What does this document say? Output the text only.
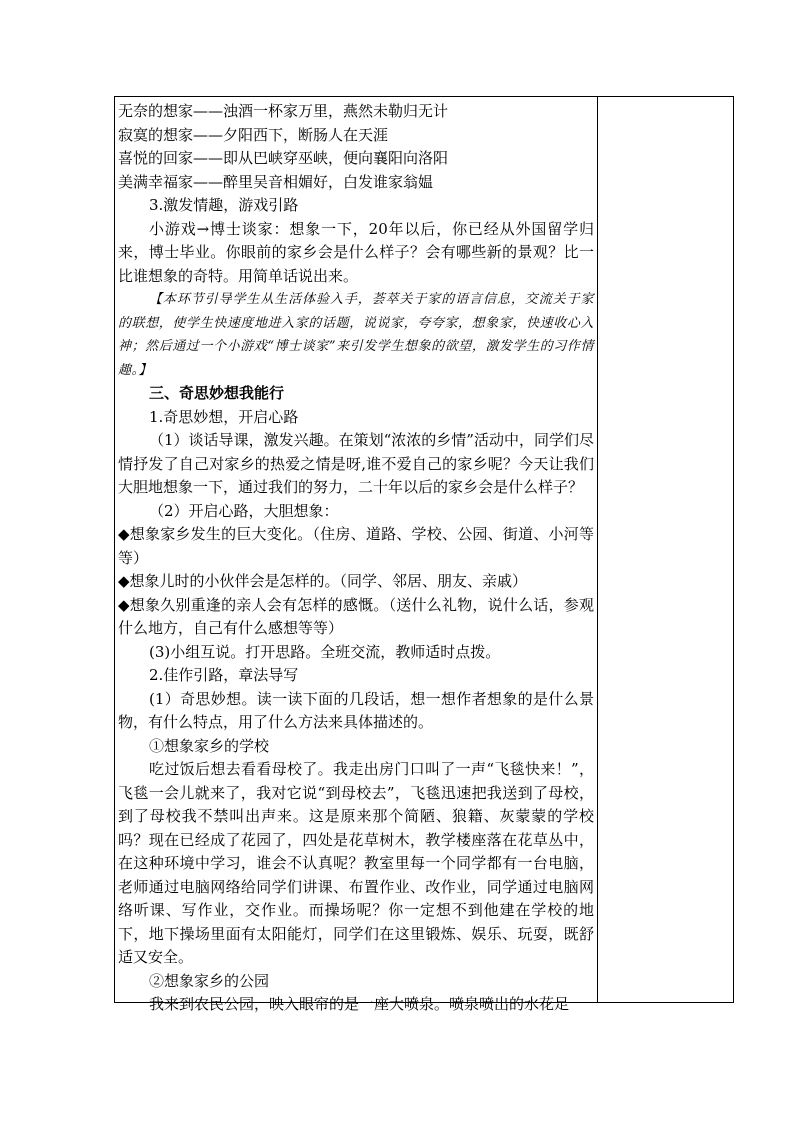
无奈的想家——浊酒一杯家万里，燕然未勒归无计
寂寞的想家——夕阳西下，断肠人在天涯
喜悦的回家——即从巴峡穿巫峡，便向襄阳向洛阳
美满幸福家——醉里吴音相媚好，白发谁家翁媪
3.激发情趣，游戏引路
小游戏→博士谈家：想象一下，20年以后，你已经从外国留学归来，博士毕业。你眼前的家乡会是什么样子？会有哪些新的景观？比一比谁想象的奇特。用简单话说出来。
【本环节引导学生从生活体验入手，荟萃关于家的语言信息，交流关于家的联想，使学生快速度地进入家的话题，说说家，夸夸家，想象家，快速收心入神；然后通过一个小游戏“博士谈家”来引发学生想象的欲望，激发学生的习作情趣。】
三、奇思妙想我能行
1.奇思妙想，开启心路
（1）谈话导课，激发兴趣。在策划“浓浓的乡情”活动中，同学们尽情抒发了自己对家乡的热爱之情是呀,谁不爱自己的家乡呢？今天让我们大胆地想象一下，通过我们的努力，二十年以后的家乡会是什么样子？
（2）开启心路，大胆想象：
◆想象家乡发生的巨大变化。（住房、道路、学校、公园、街道、小河等等）
◆想象儿时的小伙伴会是怎样的。（同学、邻居、朋友、亲戚）
◆想象久别重逢的亲人会有怎样的感慨。（送什么礼物，说什么话，参观什么地方，自己有什么感想等等）
(3)小组互说。打开思路。全班交流，教师适时点拨。
2.佳作引路，章法导写
(1）奇思妙想。读一读下面的几段话，想一想作者想象的是什么景物，有什么特点，用了什么方法来具体描述的。
①想象家乡的学校
吃过饭后想去看看母校了。我走出房门口叫了一声“飞毯快来！”，飞毯一会儿就来了，我对它说“到母校去”，飞毯迅速把我送到了母校，到了母校我不禁叫出声来。这是原来那个简陋、狼籍、灰蒙蒙的学校吗？现在已经成了花园了，四处是花草树木，教学楼座落在花草丛中，在这种环境中学习，谁会不认真呢？教室里每一个同学都有一台电脑，老师通过电脑网络给同学们讲课、布置作业、改作业，同学通过电脑网络听课、写作业，交作业。而操场呢？你一定想不到他建在学校的地下，地下操场里面有太阳能灯，同学们在这里锻炼、娱乐、玩耍，既舒适又安全。
②想象家乡的公园
我来到农民公园，映入眼帘的是一座大喷泉。喷泉喷出的水花足
